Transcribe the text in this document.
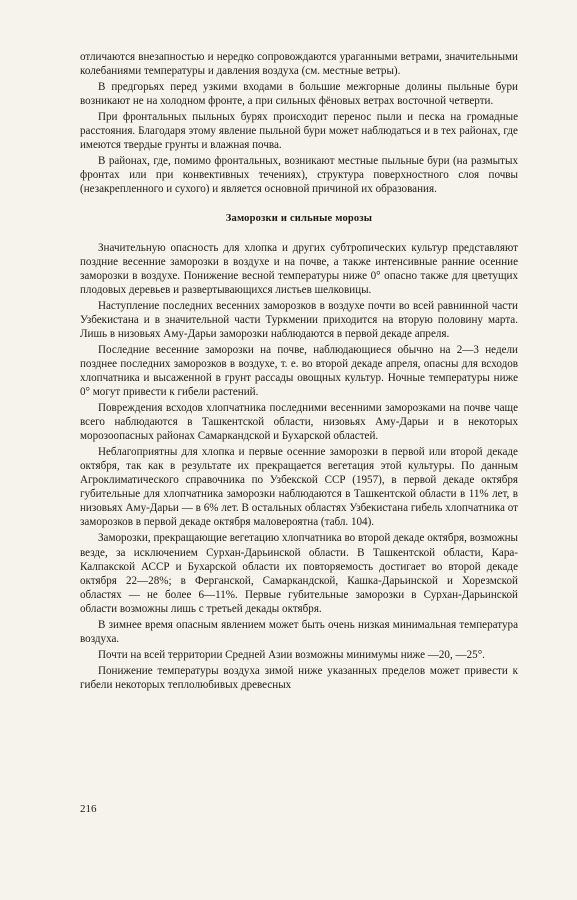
отличаются внезапностью и нередко сопровождаются ураганными ветрами, значительными колебаниями температуры и давления воздуха (см. местные ветры).

В предгорьях перед узкими входами в большие межгорные долины пыльные бури возникают не на холодном фронте, а при сильных фёновых ветрах восточной четверти.

При фронтальных пыльных бурях происходит перенос пыли и песка на громадные расстояния. Благодаря этому явление пыльной бури может наблюдаться и в тех районах, где имеются твердые грунты и влажная почва.

В районах, где, помимо фронтальных, возникают местные пыльные бури (на размытых фронтах или при конвективных течениях), структура поверхностного слоя почвы (незакрепленного и сухого) и является основной причиной их образования.

Заморозки и сильные морозы

Значительную опасность для хлопка и других субтропических культур представляют поздние весенние заморозки в воздухе и на почве, а также интенсивные ранние осенние заморозки в воздухе. Понижение весной температуры ниже 0° опасно также для цветущих плодовых деревьев и развертывающихся листьев шелковицы.

Наступление последних весенних заморозков в воздухе почти во всей равнинной части Узбекистана и в значительной части Туркмении приходится на вторую половину марта. Лишь в низовьях Аму-Дарьи заморозки наблюдаются в первой декаде апреля.

Последние весенние заморозки на почве, наблюдающиеся обычно на 2—3 недели позднее последних заморозков в воздухе, т. е. во второй декаде апреля, опасны для всходов хлопчатника и высаженной в грунт рассады овощных культур. Ночные температуры ниже 0° могут привести к гибели растений.

Повреждения всходов хлопчатника последними весенними заморозками на почве чаще всего наблюдаются в Ташкентской области, низовьях Аму-Дарьи и в некоторых морозоопасных районах Самаркандской и Бухарской областей.

Неблагоприятны для хлопка и первые осенние заморозки в первой или второй декаде октября, так как в результате их прекращается вегетация этой культуры. По данным Агроклиматического справочника по Узбекской ССР (1957), в первой декаде октября губительные для хлопчатника заморозки наблюдаются в Ташкентской области в 11% лет, в низовьях Аму-Дарьи — в 6% лет. В остальных областях Узбекистана гибель хлопчатника от заморозков в первой декаде октября маловероятна (табл. 104).

Заморозки, прекращающие вегетацию хлопчатника во второй декаде октября, возможны везде, за исключением Сурхан-Дарьинской области. В Ташкентской области, Кара-Калпакской АССР и Бухарской области их повторяемость достигает во второй декаде октября 22—28%; в Ферганской, Самаркандской, Кашка-Дарьинской и Хорезмской областях — не более 6—11%. Первые губительные заморозки в Сурхан-Дарьинской области возможны лишь с третьей декады октября.

В зимнее время опасным явлением может быть очень низкая минимальная температура воздуха.

Почти на всей территории Средней Азии возможны минимумы ниже —20, —25°.

Понижение температуры воздуха зимой ниже указанных пределов может привести к гибели некоторых теплолюбивых древесных

216
